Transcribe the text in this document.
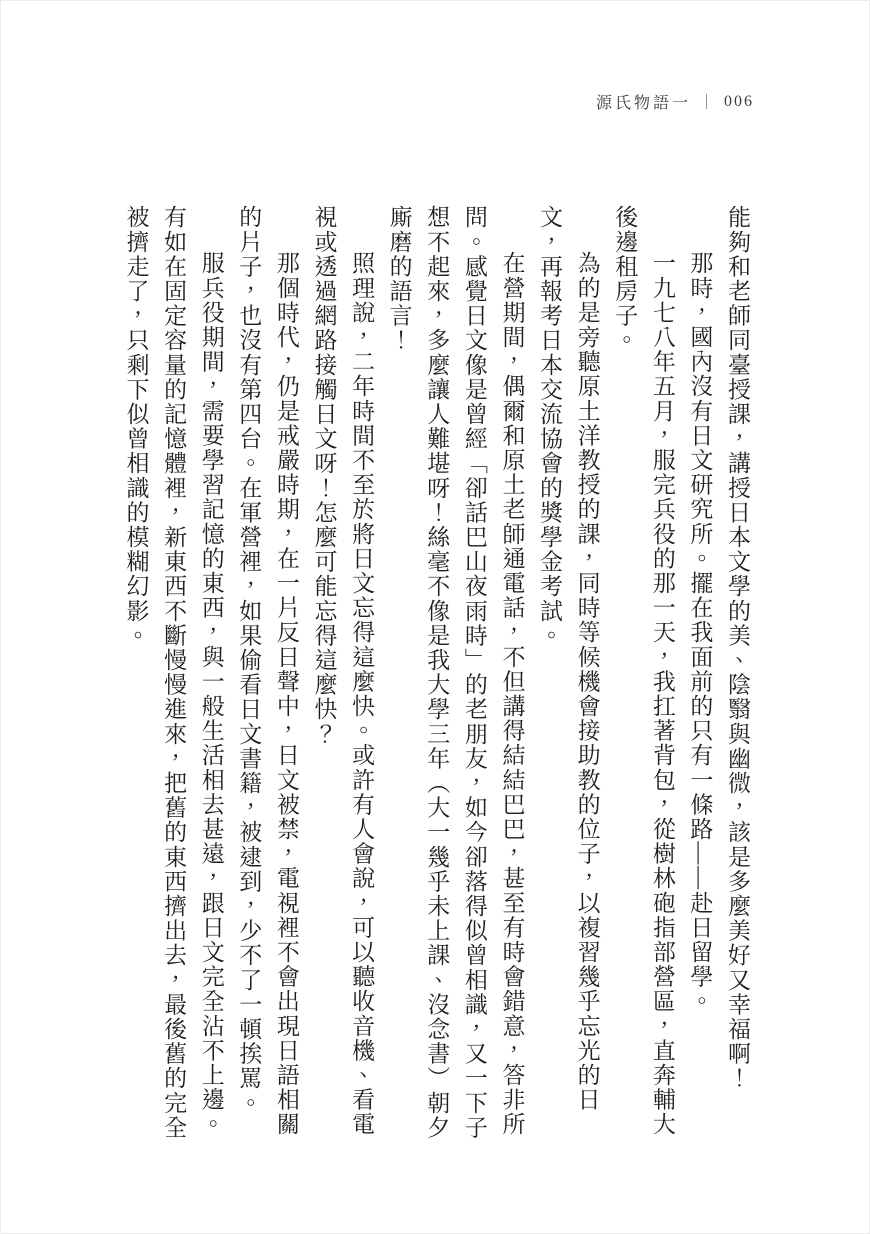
源氏物語一 ｜ 006

能夠和老師同臺授課，講授日本文學的美、陰翳與幽微，該是多麼美好又幸福啊！

那時，國內沒有日文研究所。擺在我面前的只有一條路——赴日留學。

一九七八年五月，服完兵役的那一天，我扛著背包，從樹林砲指部營區，直奔輔大後邊租房子。

為的是旁聽原土洋教授的課，同時等候機會接助教的位子，以複習幾乎忘光的日文，再報考日本交流協會的獎學金考試。

在營期間，偶爾和原土老師通電話，不但講得結結巴巴，甚至有時會錯意，答非所問。感覺日文像是曾經「卻話巴山夜雨時」的老朋友，如今卻落得似曾相識，又一下子想不起來，多麼讓人難堪呀！絲毫不像是我大學三年（大一幾乎未上課、沒念書）朝夕廝磨的語言！

照理說，二年時間不至於將日文忘得這麼快。或許有人會說，可以聽收音機、看電視或透過網路接觸日文呀！怎麼可能忘得這麼快？

那個時代，仍是戒嚴時期，在一片反日聲中，日文被禁，電視裡不會出現日語相關的片子，也沒有第四台。在軍營裡，如果偷看日文書籍，被逮到，少不了一頓挨罵。

服兵役期間，需要學習記憶的東西，與一般生活相去甚遠，跟日文完全沾不上邊。有如在固定容量的記憶體裡，新東西不斷慢慢進來，把舊的東西擠出去，最後舊的完全被擠走了，只剩下似曾相識的模糊幻影。
